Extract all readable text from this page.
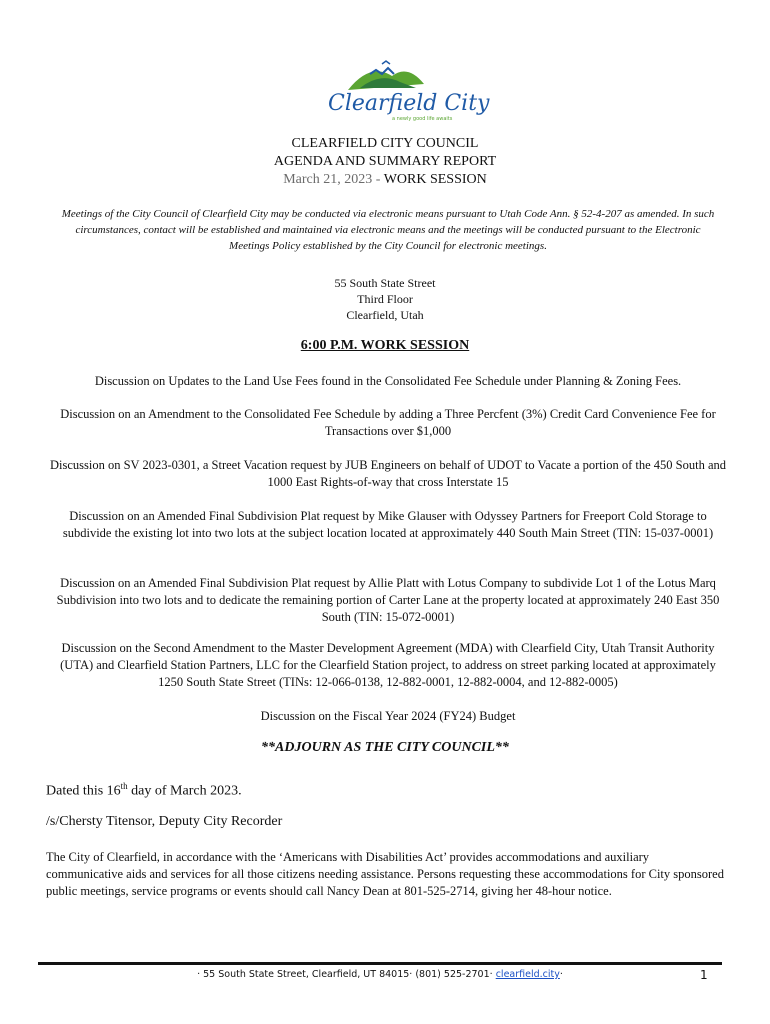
Clearfield City
a newly good life awaits
CLEARFIELD CITY COUNCIL
AGENDA AND SUMMARY REPORT
March 21, 2023 - WORK SESSION
Meetings of the City Council of Clearfield City may be conducted via electronic means pursuant to Utah Code Ann. § 52-4-207 as amended. In such circumstances, contact will be established and maintained via electronic means and the meetings will be conducted pursuant to the Electronic Meetings Policy established by the City Council for electronic meetings.
55 South State Street
Third Floor
Clearfield, Utah
6:00 P.M. WORK SESSION
Discussion on Updates to the Land Use Fees found in the Consolidated Fee Schedule under Planning & Zoning Fees.
Discussion on an Amendment to the Consolidated Fee Schedule by adding a Three Percfent (3%) Credit Card Convenience Fee for Transactions over $1,000
Discussion on SV 2023-0301, a Street Vacation request by JUB Engineers on behalf of UDOT to Vacate a portion of the 450 South and 1000 East Rights-of-way that cross Interstate 15
Discussion on an Amended Final Subdivision Plat request by Mike Glauser with Odyssey Partners for Freeport Cold Storage to subdivide the existing lot into two lots at the subject location located at approximately 440 South Main Street (TIN: 15-037-0001)
Discussion on an Amended Final Subdivision Plat request by Allie Platt with Lotus Company to subdivide Lot 1 of the Lotus Marq Subdivision into two lots and to dedicate the remaining portion of Carter Lane at the property located at approximately 240 East 350 South (TIN: 15-072-0001)
Discussion on the Second Amendment to the Master Development Agreement (MDA) with Clearfield City, Utah Transit Authority (UTA) and Clearfield Station Partners, LLC for the Clearfield Station project, to address on street parking located at approximately 1250 South State Street (TINs: 12-066-0138, 12-882-0001, 12-882-0004, and 12-882-0005)
Discussion on the Fiscal Year 2024 (FY24) Budget
**ADJOURN AS THE CITY COUNCIL**
Dated this 16th day of March 2023.
/s/Chersty Titensor, Deputy City Recorder
The City of Clearfield, in accordance with the ‘Americans with Disabilities Act’ provides accommodations and auxiliary communicative aids and services for all those citizens needing assistance. Persons requesting these accommodations for City sponsored public meetings, service programs or events should call Nancy Dean at 801-525-2714, giving her 48-hour notice.
· 55 South State Street, Clearfield, UT 84015· (801) 525-2701· clearfield.city·	1
